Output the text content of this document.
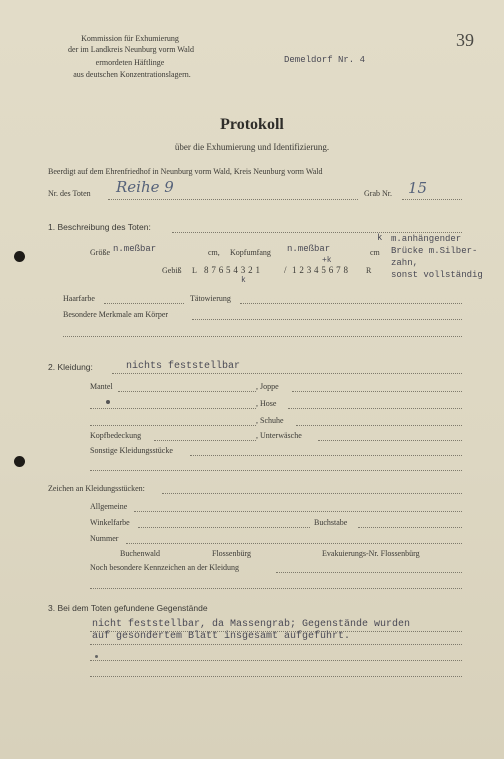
Kommission für Exhumierung
der im Landkreis Neunburg vorm Wald
ermordeten Häftlinge
aus deutschen Konzentrationslagern.
Demeldorf Nr. 4
39
Protokoll
über die Exhumierung und Identifizierung.
Beerdigt auf dem Ehrenfriedhof in Neunburg vorm Wald, Kreis Neunburg vorm Wald
Nr. des Toten Reihe 9	Grab Nr. 15
1. Beschreibung des Toten:
Größe n.meßbar	cm, Kopfumfang n.meßbar	cm
k m.anhängender
Brücke m.Silber-
zahn,
sonst vollständig
Gebiß L 8 7 6 5 4 3 2 1	/ 1 2 3 4 5 6 7 8 R
+k
k
Haarfarbe	Tätowierung
Besondere Merkmale am Körper
2. Kleidung:	nichts feststellbar
Mantel	, Joppe
, Hose
, Schuhe
Kopfbedeckung	, Unterwäsche
Sonstige Kleidungsstücke
Zeichen an Kleidungsstücken:
Allgemeine
Winkelfarbe	Buchstabe
Nummer
Buchenwald	Flossenbürg	Evakuierungs-Nr. Flossenbürg
Noch besondere Kennzeichen an der Kleidung
3. Bei dem Toten gefundene Gegenstände
nicht feststellbar, da Massengrab; Gegenstände wurden
auf gesondertem Blatt insgesamt aufgeführt.
